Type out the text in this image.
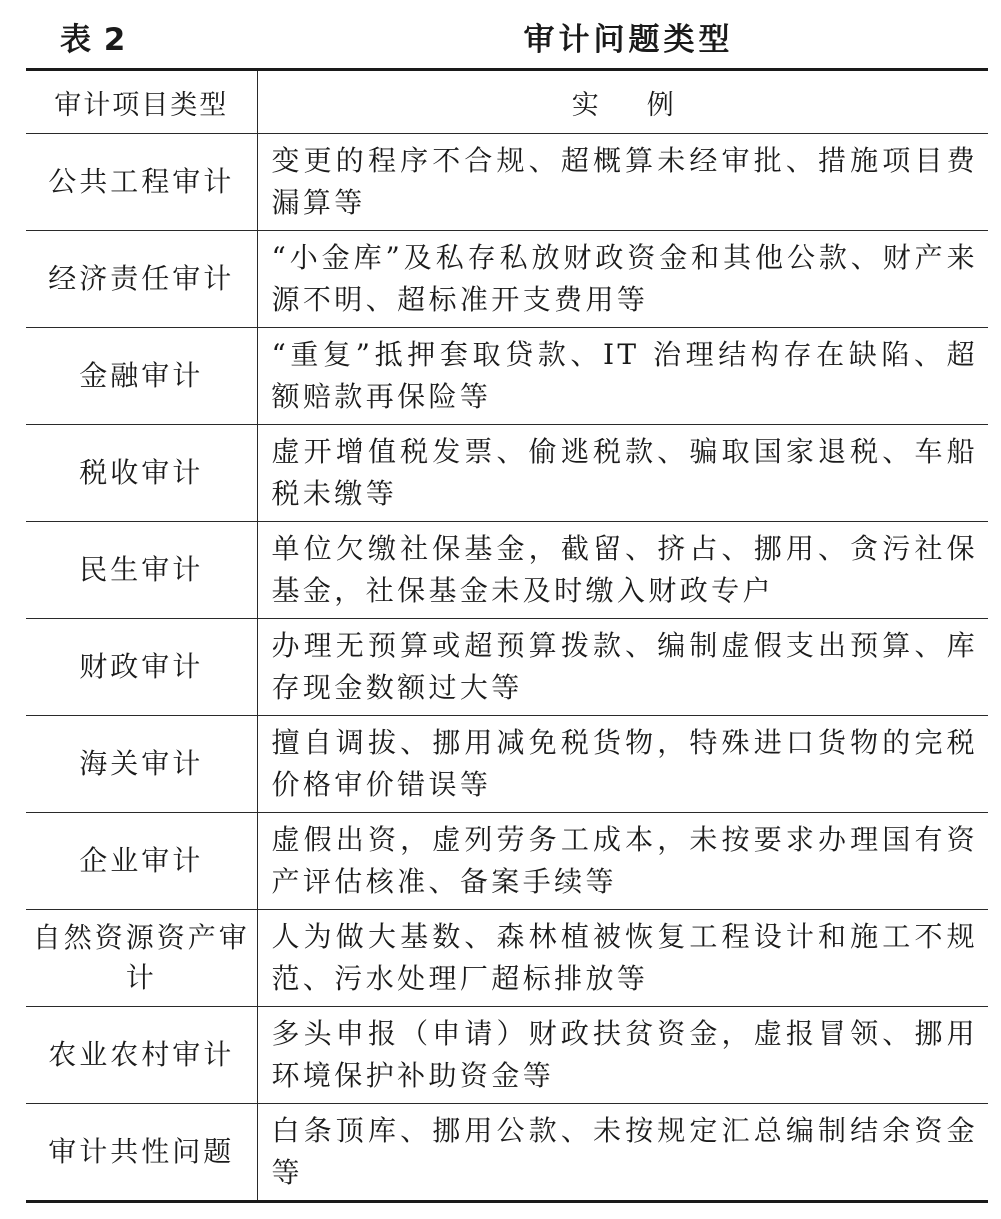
表 2	审计问题类型
审计项目类型	实例
公共工程审计	变更的程序不合规、超概算未经审批、措施项目费漏算等
经济责任审计	“小金库”及私存私放财政资金和其他公款、财产来源不明、超标准开支费用等
金融审计	“重复”抵押套取贷款、IT 治理结构存在缺陷、超额赔款再保险等
税收审计	虚开增值税发票、偷逃税款、骗取国家退税、车船税未缴等
民生审计	单位欠缴社保基金，截留、挤占、挪用、贪污社保基金，社保基金未及时缴入财政专户
财政审计	办理无预算或超预算拨款、编制虚假支出预算、库存现金数额过大等
海关审计	擅自调拔、挪用减免税货物，特殊进口货物的完税价格审价错误等
企业审计	虚假出资，虚列劳务工成本，未按要求办理国有资产评估核准、备案手续等
自然资源资产审计	人为做大基数、森林植被恢复工程设计和施工不规范、污水处理厂超标排放等
农业农村审计	多头申报（申请）财政扶贫资金，虚报冒领、挪用环境保护补助资金等
审计共性问题	白条顶库、挪用公款、未按规定汇总编制结余资金等
